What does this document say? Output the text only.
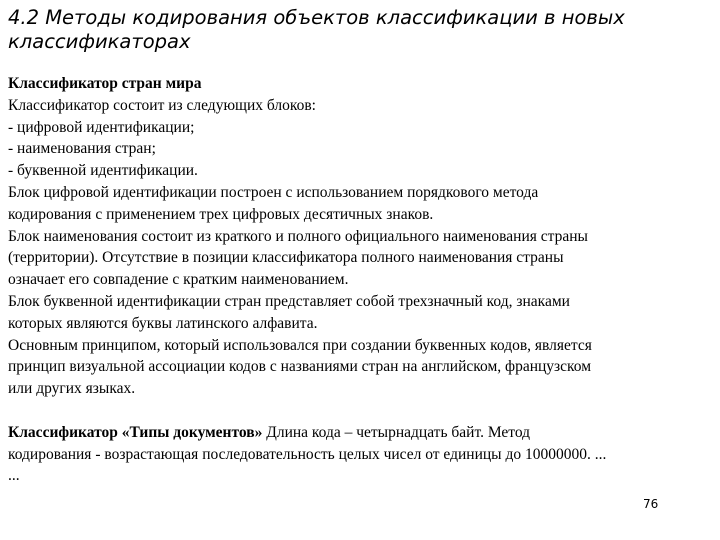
4.2 Методы кодирования объектов классификации в новых
классификаторах
Классификатор стран мира
Классификатор состоит из следующих блоков:
- цифровой идентификации;
- наименования стран;
- буквенной идентификации.
Блок цифровой идентификации построен с использованием порядкового метода
кодирования с применением трех цифровых десятичных знаков.
Блок наименования состоит из краткого и полного официального наименования страны
(территории). Отсутствие в позиции классификатора полного наименования страны
означает его совпадение с кратким наименованием.
Блок буквенной идентификации стран представляет собой трехзначный код, знаками
которых являются буквы латинского алфавита.
Основным принципом, который использовался при создании буквенных кодов, является
принцип визуальной ассоциации кодов с названиями стран на английском, французском
или других языках.
Классификатор «Типы документов» Длина кода – четырнадцать байт. Метод
кодирования - возрастающая последовательность целых чисел от единицы до 10000000. ...
...
76
